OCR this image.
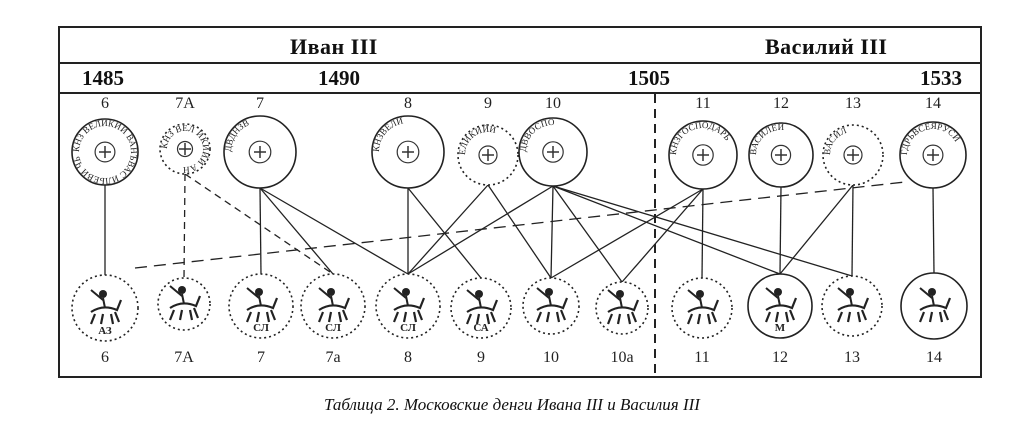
Иван III	Василий III
1485	1490	1505	1533
КНЗ ВЕЛИКИИ ВАНЪВАС ИЛЬЕВИ ЧЬ
6
КНЗ ВЕЛ ИКИЙИ АН
7А
ДВДНЗВ
7
КНЗВЕЛИ
8
ЕЛИКИЙИ
9
ДВВОСПО
10
КНЗГОСПОДАРЬ
11
ВАСИЛЕЙ
12
ВАСИЛ
13
ГДРЬВСЕЯРУСИ
14
АЗ
6	7А
СЛ
7
СЛ
7а
СЛ
8
СА
9	10	10а	11
М
12	13	14
Таблица 2. Московские денги Ивана III и Василия III
